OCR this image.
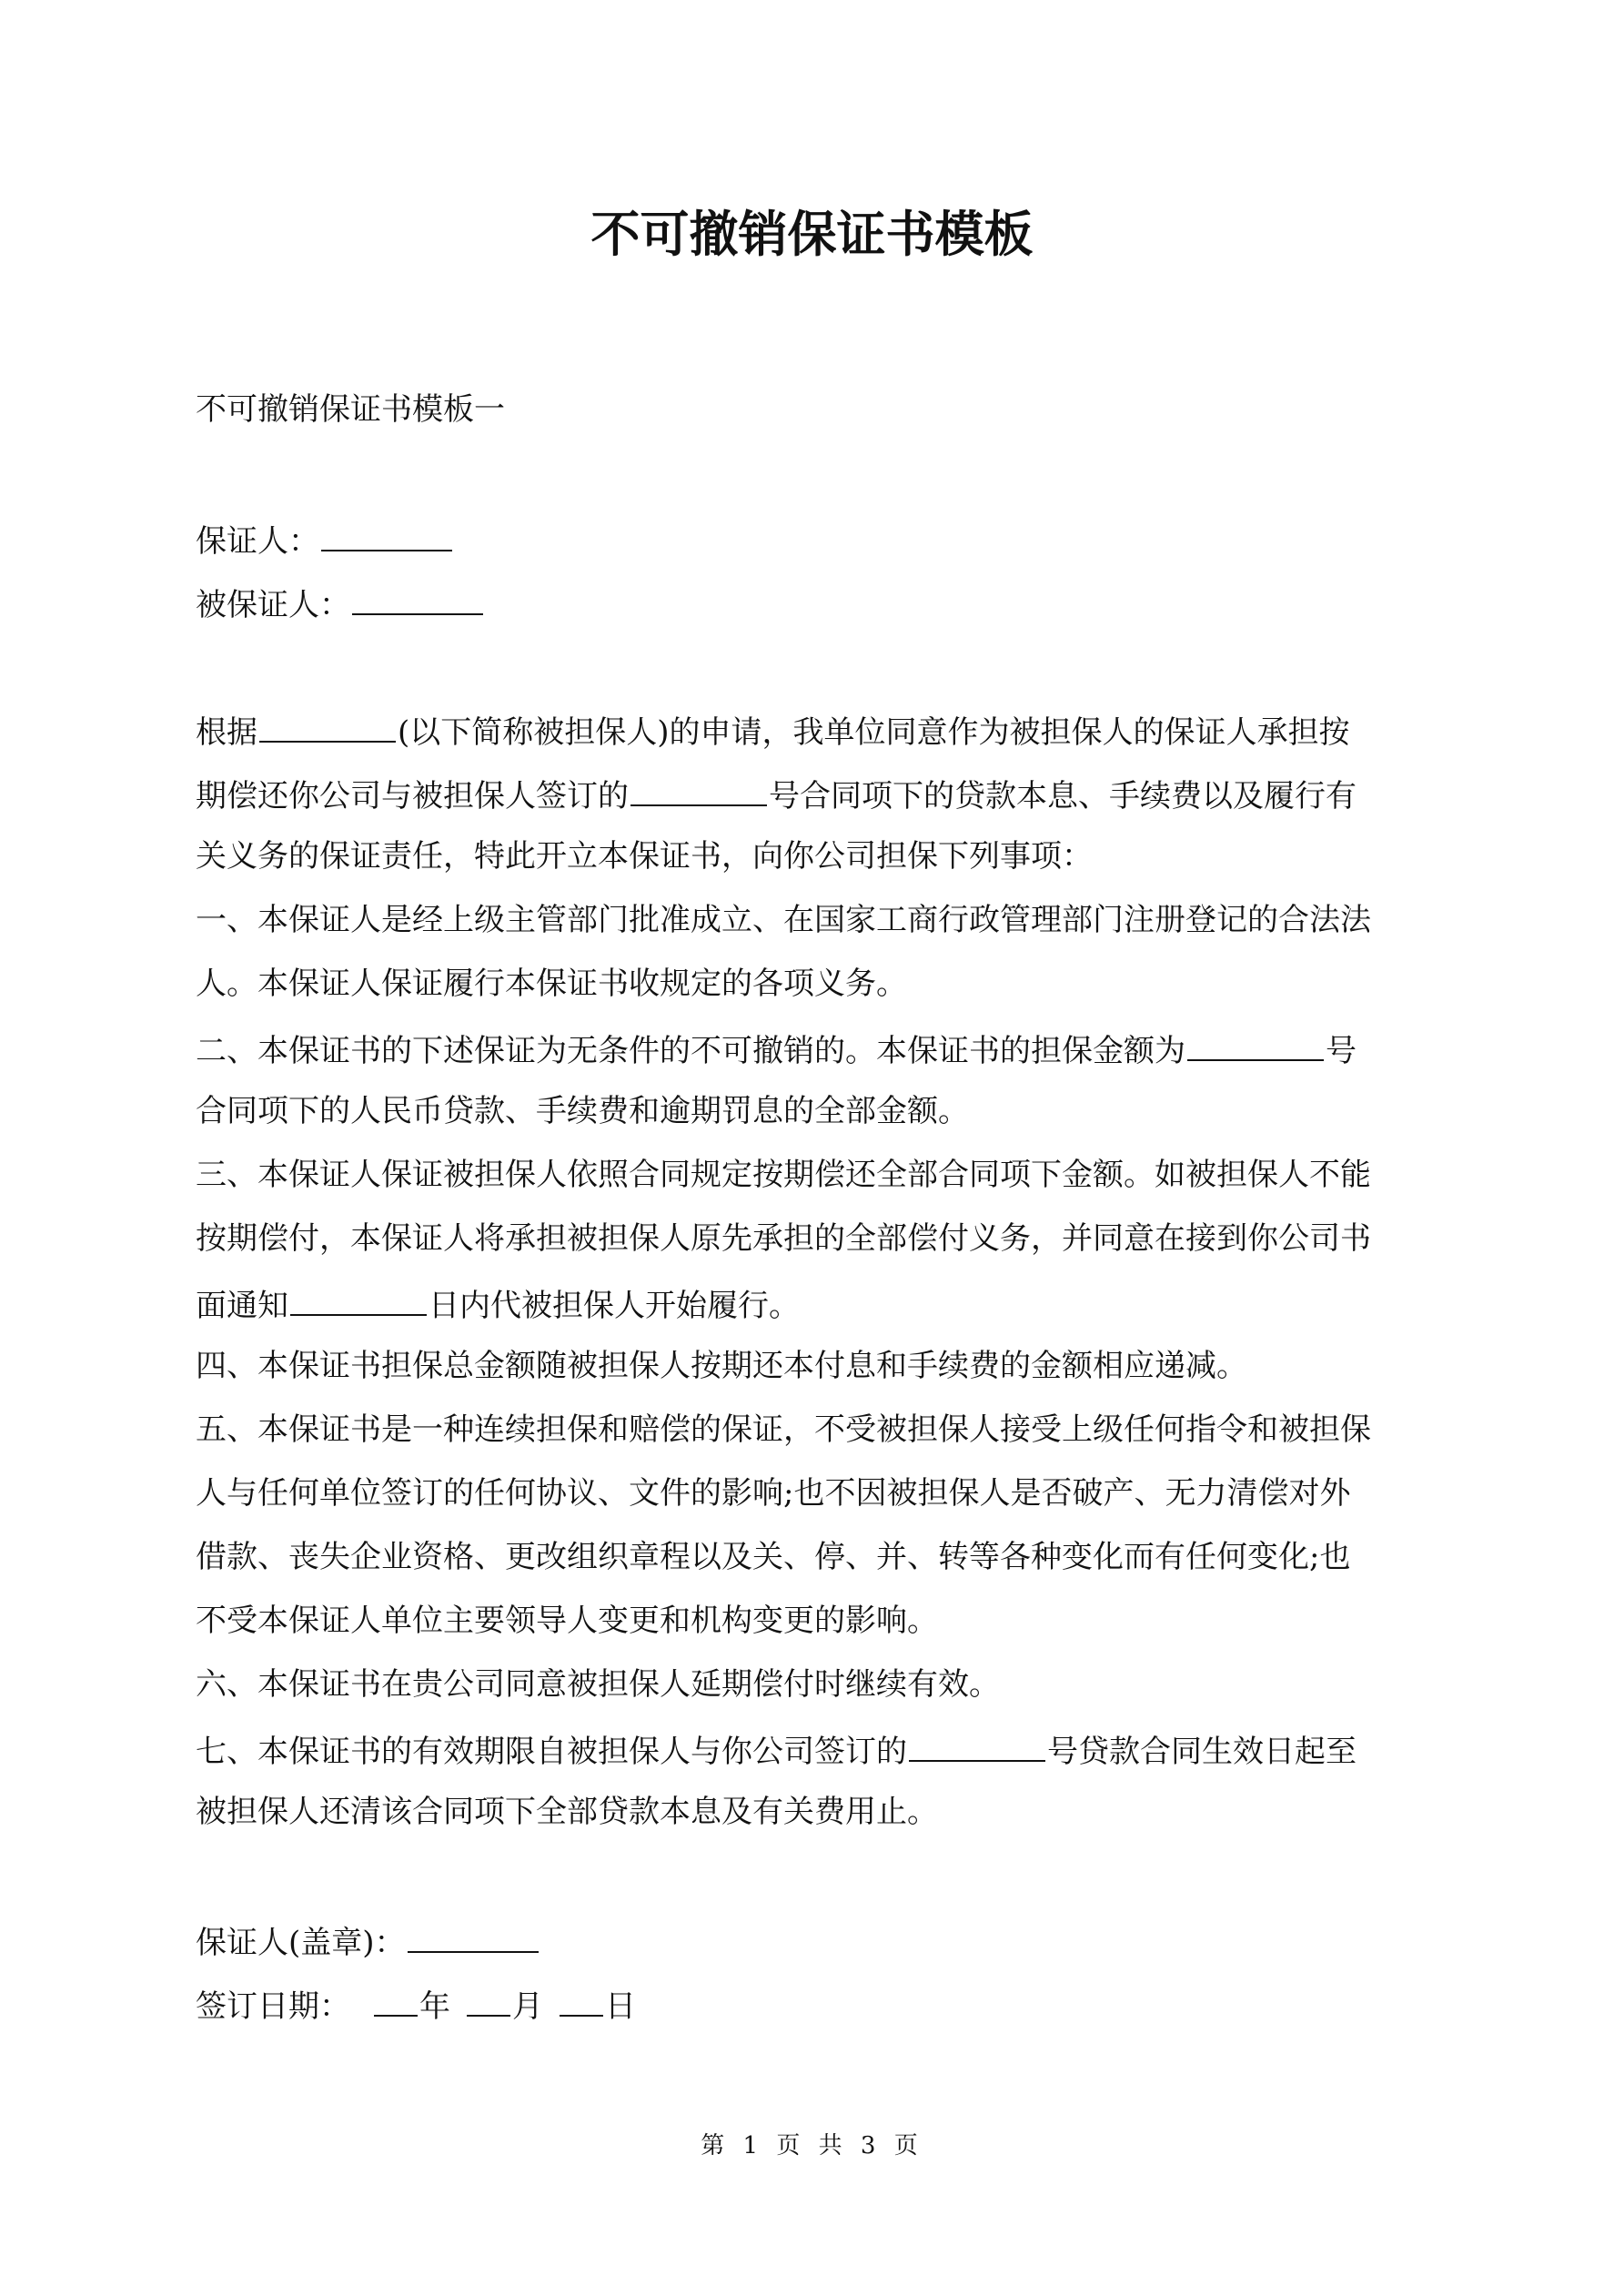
不可撤销保证书模板
不可撤销保证书模板一
保证人：
被保证人：
根据	(以下简称被担保人)的申请，我单位同意作为被担保人的保证人承担按
期偿还你公司与被担保人签订的	号合同项下的贷款本息、手续费以及履行有
关义务的保证责任，特此开立本保证书，向你公司担保下列事项：
一、本保证人是经上级主管部门批准成立、在国家工商行政管理部门注册登记的合法法
人。本保证人保证履行本保证书收规定的各项义务。
二、本保证书的下述保证为无条件的不可撤销的。本保证书的担保金额为	号
合同项下的人民币贷款、手续费和逾期罚息的全部金额。
三、本保证人保证被担保人依照合同规定按期偿还全部合同项下金额。如被担保人不能
按期偿付，本保证人将承担被担保人原先承担的全部偿付义务，并同意在接到你公司书
面通知	日内代被担保人开始履行。
四、本保证书担保总金额随被担保人按期还本付息和手续费的金额相应递减。
五、本保证书是一种连续担保和赔偿的保证，不受被担保人接受上级任何指令和被担保
人与任何单位签订的任何协议、文件的影响;也不因被担保人是否破产、无力清偿对外
借款、丧失企业资格、更改组织章程以及关、停、并、转等各种变化而有任何变化;也
不受本保证人单位主要领导人变更和机构变更的影响。
六、本保证书在贵公司同意被担保人延期偿付时继续有效。
七、本保证书的有效期限自被担保人与你公司签订的	号贷款合同生效日起至
被担保人还清该合同项下全部贷款本息及有关费用止。
保证人(盖章)：
签订日期： 年 月 日
第 1 页 共 3 页
